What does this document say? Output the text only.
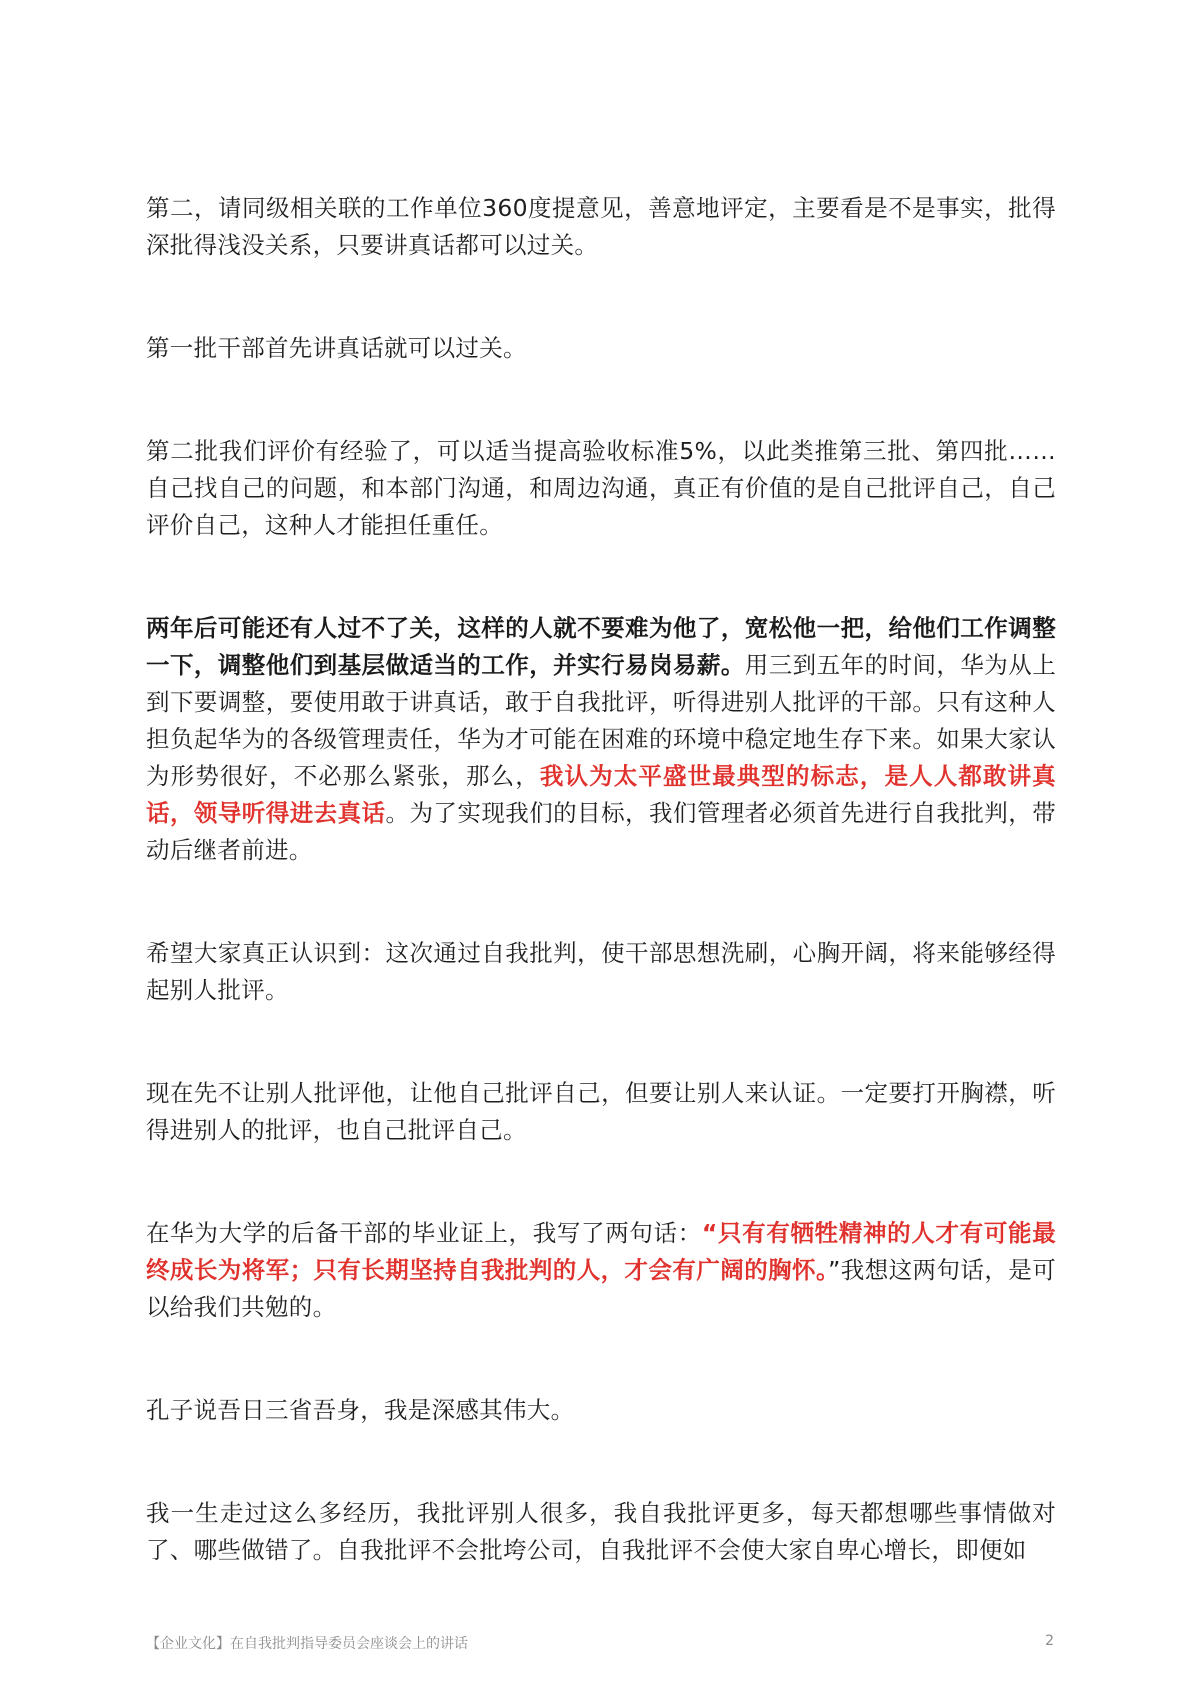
第二，请同级相关联的工作单位360度提意见，善意地评定，主要看是不是事实，批得深批得浅没关系，只要讲真话都可以过关。

第一批干部首先讲真话就可以过关。

第二批我们评价有经验了，可以适当提高验收标准5%，以此类推第三批、第四批……自己找自己的问题，和本部门沟通，和周边沟通，真正有价值的是自己批评自己，自己评价自己，这种人才能担任重任。

两年后可能还有人过不了关，这样的人就不要难为他了，宽松他一把，给他们工作调整一下，调整他们到基层做适当的工作，并实行易岗易薪。用三到五年的时间，华为从上到下要调整，要使用敢于讲真话，敢于自我批评，听得进别人批评的干部。只有这种人担负起华为的各级管理责任，华为才可能在困难的环境中稳定地生存下来。如果大家认为形势很好，不必那么紧张，那么，我认为太平盛世最典型的标志，是人人都敢讲真话，领导听得进去真话。为了实现我们的目标，我们管理者必须首先进行自我批判，带动后继者前进。

希望大家真正认识到：这次通过自我批判，使干部思想洗刷，心胸开阔，将来能够经得起别人批评。

现在先不让别人批评他，让他自己批评自己，但要让别人来认证。一定要打开胸襟，听得进别人的批评，也自己批评自己。

在华为大学的后备干部的毕业证上，我写了两句话：“只有有牺牲精神的人才有可能最终成长为将军；只有长期坚持自我批判的人，才会有广阔的胸怀。”我想这两句话，是可以给我们共勉的。

孔子说吾日三省吾身，我是深感其伟大。

我一生走过这么多经历，我批评别人很多，我自我批评更多，每天都想哪些事情做对了、哪些做错了。自我批评不会批垮公司，自我批评不会使大家自卑心增长，即便如

【企业文化】在自我批判指导委员会座谈会上的讲话	2
